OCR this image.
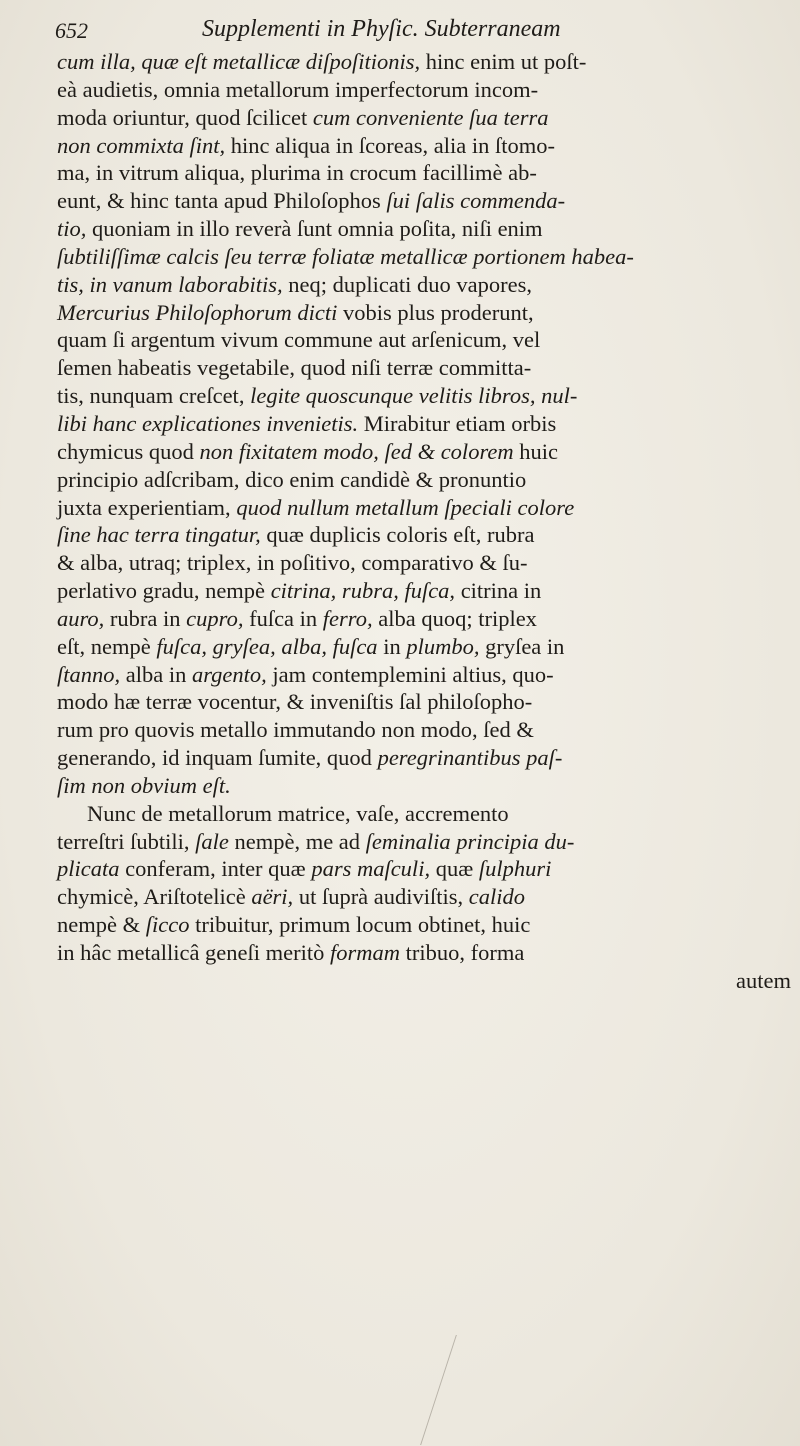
652	Supplementi in Phyſic. Subterraneam
cum illa, quæ eſt metallicæ diſpoſitionis, hinc enim ut poſt-
eà audietis, omnia metallorum imperfectorum incom-
moda oriuntur, quod ſcilicet cum conveniente ſua terra
non commixta ſint, hinc aliqua in ſcoreas, alia in ſtomo-
ma, in vitrum aliqua, plurima in crocum facillimè ab-
eunt, & hinc tanta apud Philoſophos ſui ſalis commenda-
tio, quoniam in illo reverà ſunt omnia poſita, niſi enim
ſubtiliſſimæ calcis ſeu terræ foliatæ metallicæ portionem habea-
tis, in vanum laborabitis, neq; duplicati duo vapores,
Mercurius Philoſophorum dicti vobis plus proderunt,
quam ſi argentum vivum commune aut arſenicum, vel
ſemen habeatis vegetabile, quod niſi terræ committa-
tis, nunquam creſcet, legite quoscunque velitis libros, nul-
libi hanc explicationes invenietis. Mirabitur etiam orbis
chymicus quod non fixitatem modo, ſed & colorem huic
principio adſcribam, dico enim candidè & pronuntio
juxta experientiam, quod nullum metallum ſpeciali colore
ſine hac terra tingatur, quæ duplicis coloris eſt, rubra
& alba, utraq; triplex, in poſitivo, comparativo & ſu-
perlativo gradu, nempè citrina, rubra, fuſca, citrina in
auro, rubra in cupro, fuſca in ferro, alba quoq; triplex
eſt, nempè fuſca, gryſea, alba, fuſca in plumbo, gryſea in
ſtanno, alba in argento, jam contemplemini altius, quo-
modo hæ terræ vocentur, & inveniſtis ſal philoſopho-
rum pro quovis metallo immutando non modo, ſed &
generando, id inquam ſumite, quod peregrinantibus paſ-
ſim non obvium eſt.
Nunc de metallorum matrice, vaſe, accremento
terreſtri ſubtili, ſale nempè, me ad ſeminalia principia du-
plicata conferam, inter quæ pars maſculi, quæ ſulphuri
chymicè, Ariſtotelicè aëri, ut ſuprà audiviſtis, calido
nempè & ſicco tribuitur, primum locum obtinet, huic
in hâc metallicâ geneſi meritò formam tribuo, forma
autem
